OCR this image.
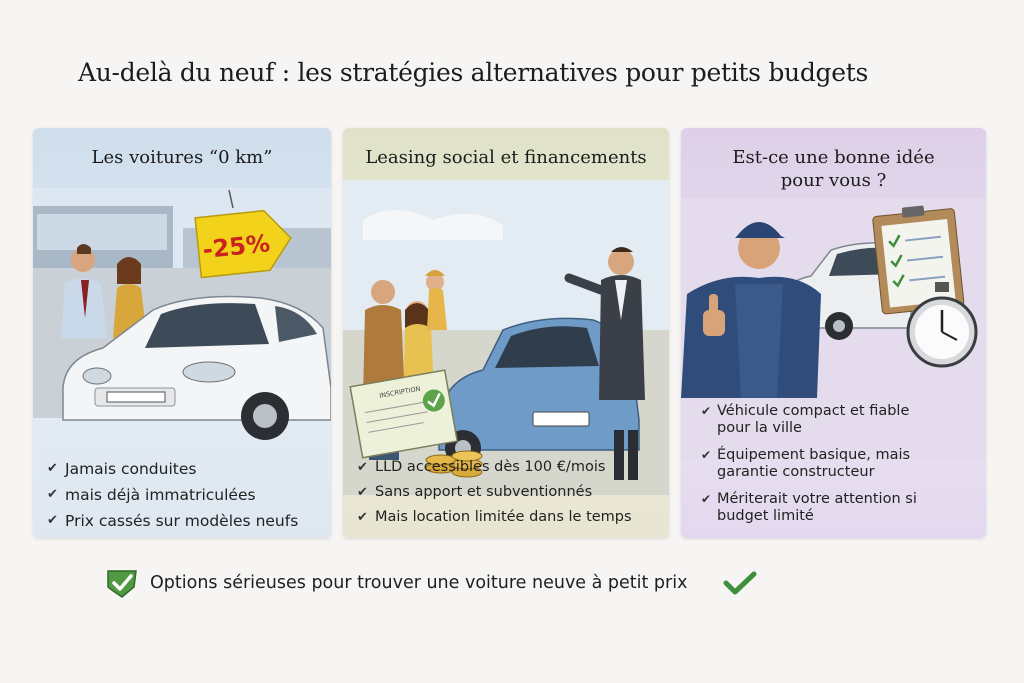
Au-delà du neuf : les stratégies alternatives pour petits budgets
Les voitures “0 km”
-25%
✔ Jamais conduites
✔ mais déjà immatriculées
✔ Prix cassés sur modèles neufs
Leasing social et financements
INSCRIPTION
✔ LLD accessibles dès 100 €/mois
✔ Sans apport et subventionnés
✔ Mais location limitée dans le temps
Est-ce une bonne idée
pour vous ?
✔ Véhicule compact et fiable
pour la ville
✔ Équipement basique, mais
garantie constructeur
✔ Mériterait votre attention si
budget limité
Options sérieuses pour trouver une voiture neuve à petit prix
